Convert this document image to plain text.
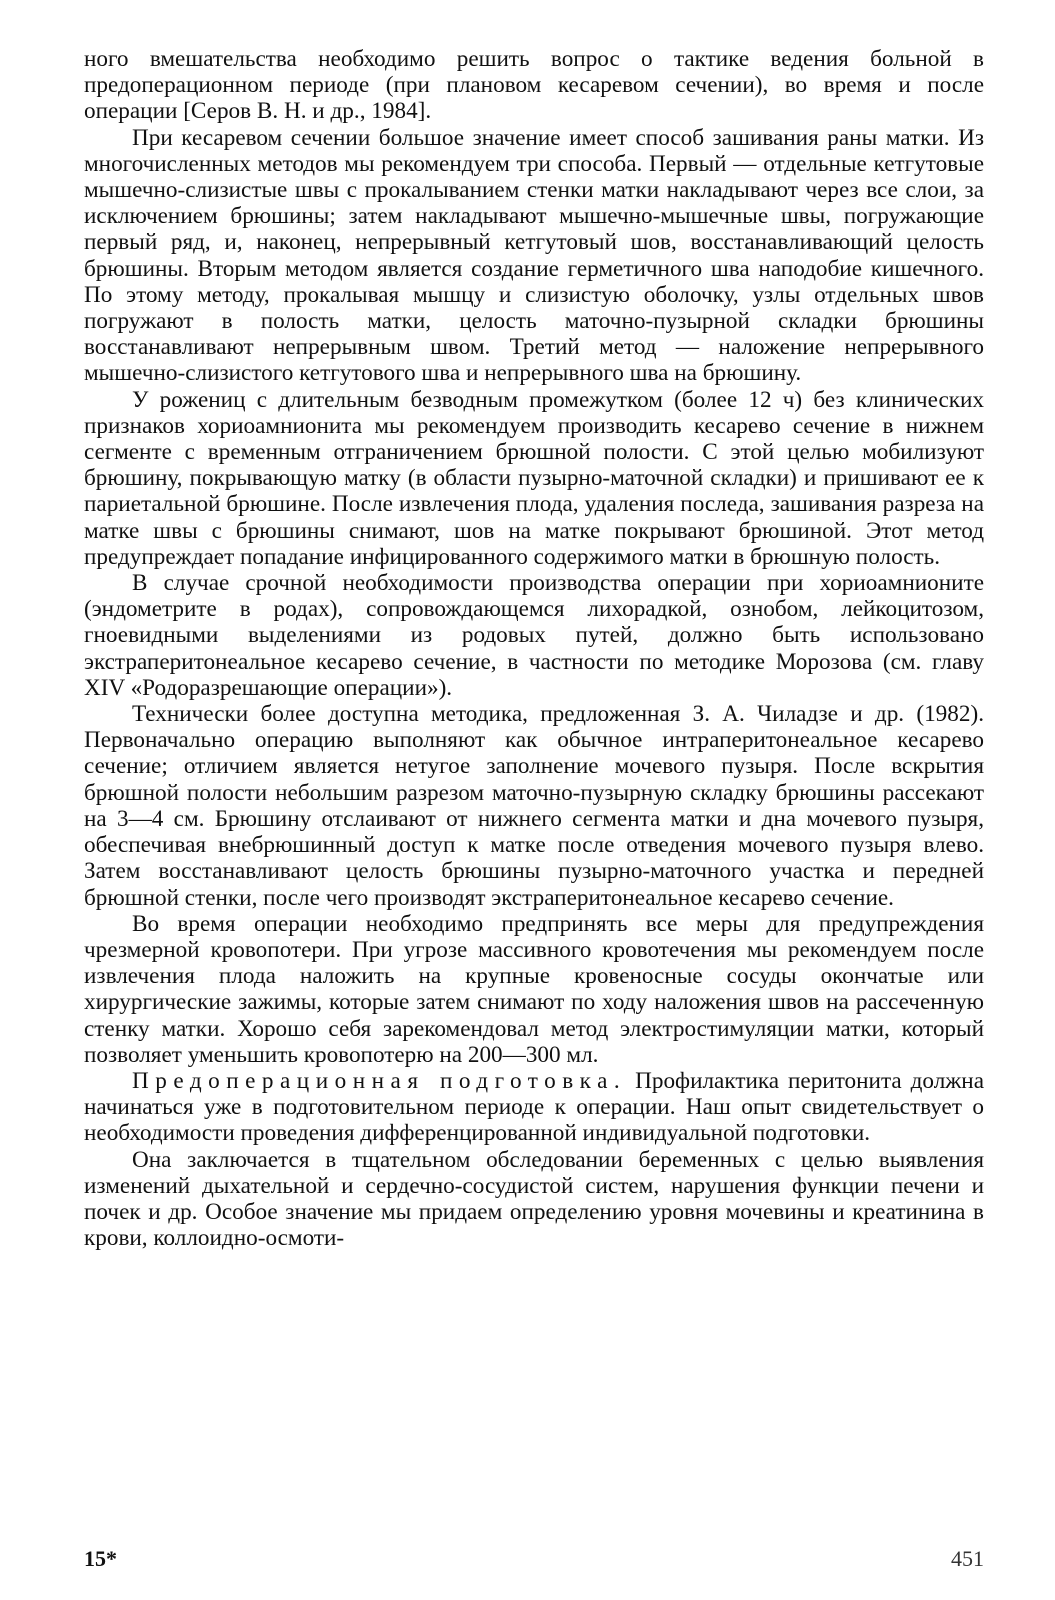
ного вмешательства необходимо решить вопрос о тактике ведения больной в предоперационном периоде (при плановом кесаревом сечении), во время и после операции [Серов В. Н. и др., 1984].

При кесаревом сечении большое значение имеет способ зашивания раны матки. Из многочисленных методов мы рекомендуем три способа. Первый — отдельные кетгутовые мышечно-слизистые швы с прокалыванием стенки матки накладывают через все слои, за исключением брюшины; затем накладывают мышечно-мышечные швы, погружающие первый ряд, и, наконец, непрерывный кетгутовый шов, восстанавливающий целость брюшины. Вторым методом является создание герметичного шва наподобие кишечного. По этому методу, прокалывая мышцу и слизистую оболочку, узлы отдельных швов погружают в полость матки, целость маточно-пузырной складки брюшины восстанавливают непрерывным швом. Третий метод — наложение непрерывного мышечно-слизистого кетгутового шва и непрерывного шва на брюшину.

У рожениц с длительным безводным промежутком (более 12 ч) без клинических признаков хориоамнионита мы рекомендуем производить кесарево сечение в нижнем сегменте с временным отграничением брюшной полости. С этой целью мобилизуют брюшину, покрывающую матку (в области пузырно-маточной складки) и пришивают ее к париетальной брюшине. После извлечения плода, удаления последа, зашивания разреза на матке швы с брюшины снимают, шов на матке покрывают брюшиной. Этот метод предупреждает попадание инфицированного содержимого матки в брюшную полость.

В случае срочной необходимости производства операции при хориоамнионите (эндометрите в родах), сопровождающемся лихорадкой, ознобом, лейкоцитозом, гноевидными выделениями из родовых путей, должно быть использовано экстраперитонеальное кесарево сечение, в частности по методике Морозова (см. главу XIV «Родоразрешающие операции»).

Технически более доступна методика, предложенная З. А. Чиладзе и др. (1982). Первоначально операцию выполняют как обычное интраперитонеальное кесарево сечение; отличием является нетугое заполнение мочевого пузыря. После вскрытия брюшной полости небольшим разрезом маточно-пузырную складку брюшины рассекают на 3—4 см. Брюшину отслаивают от нижнего сегмента матки и дна мочевого пузыря, обеспечивая внебрюшинный доступ к матке после отведения мочевого пузыря влево. Затем восстанавливают целость брюшины пузырно-маточного участка и передней брюшной стенки, после чего производят экстраперитонеальное кесарево сечение.

Во время операции необходимо предпринять все меры для предупреждения чрезмерной кровопотери. При угрозе массивного кровотечения мы рекомендуем после извлечения плода наложить на крупные кровеносные сосуды окончатые или хирургические зажимы, которые затем снимают по ходу наложения швов на рассеченную стенку матки. Хорошо себя зарекомендовал метод электростимуляции матки, который позволяет уменьшить кровопотерю на 200—300 мл.

Предоперационная подготовка. Профилактика перитонита должна начинаться уже в подготовительном периоде к операции. Наш опыт свидетельствует о необходимости проведения дифференцированной индивидуальной подготовки.

Она заключается в тщательном обследовании беременных с целью выявления изменений дыхательной и сердечно-сосудистой систем, нарушения функции печени и почек и др. Особое значение мы придаем определению уровня мочевины и креатинина в крови, коллоидно-осмоти-

15*	451
